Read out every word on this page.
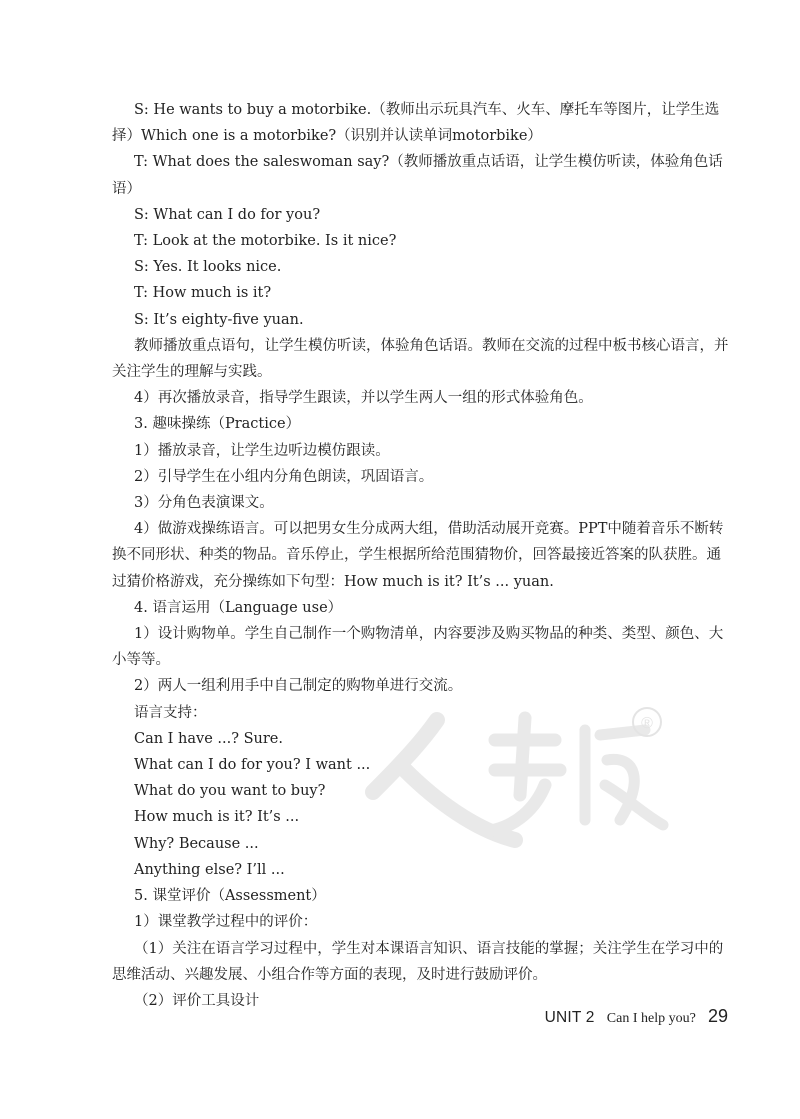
®

S: He wants to buy a motorbike.（教师出示玩具汽车、火车、摩托车等图片，让学生选择）Which one is a motorbike?（识别并认读单词motorbike）

T: What does the saleswoman say?（教师播放重点话语，让学生模仿听读，体验角色话语）

S: What can I do for you?

T: Look at the motorbike. Is it nice?

S: Yes. It looks nice.

T: How much is it?

S: It’s eighty-five yuan.

教师播放重点语句，让学生模仿听读，体验角色话语。教师在交流的过程中板书核心语言，并关注学生的理解与实践。

4）再次播放录音，指导学生跟读，并以学生两人一组的形式体验角色。

3. 趣味操练（Practice）

1）播放录音，让学生边听边模仿跟读。

2）引导学生在小组内分角色朗读，巩固语言。

3）分角色表演课文。

4）做游戏操练语言。可以把男女生分成两大组，借助活动展开竞赛。PPT中随着音乐不断转换不同形状、种类的物品。音乐停止，学生根据所给范围猜物价，回答最接近答案的队获胜。通过猜价格游戏，充分操练如下句型：How much is it? It’s ... yuan.

4. 语言运用（Language use）

1）设计购物单。学生自己制作一个购物清单，内容要涉及购买物品的种类、类型、颜色、大小等等。

2）两人一组利用手中自己制定的购物单进行交流。

语言支持：

Can I have ...? Sure.

What can I do for you? I want ...

What do you want to buy?

How much is it? It’s ...

Why? Because ...

Anything else? I’ll ...

5. 课堂评价（Assessment）

1）课堂教学过程中的评价：

（1）关注在语言学习过程中，学生对本课语言知识、语言技能的掌握；关注学生在学习中的思维活动、兴趣发展、小组合作等方面的表现，及时进行鼓励评价。

（2）评价工具设计

UNIT 2 Can I help you? 29
